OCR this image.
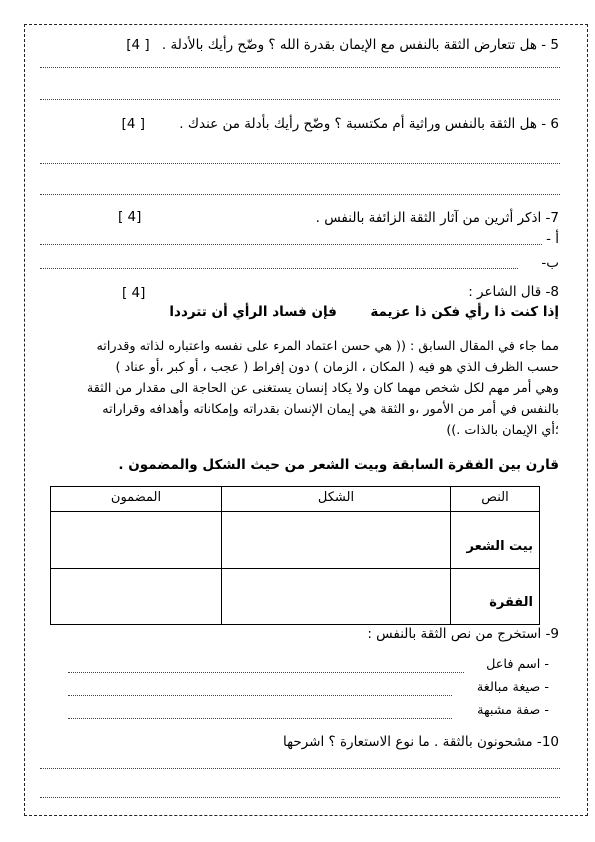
5 - هل تتعارض الثقة بالنفس مع الإيمان بقدرة الله ؟ وضّح رأيك بالأدلة . [ 4]
6 - هل الثقة بالنفس وراثية أم مكتسبة ؟ وضّح رأيك بأدلة من عندك . [ 4]
7- اذكر أثرين من آثار الثقة الزائفة بالنفس .
[ 4]
أ -
ب-
8- قال الشاعر :
[ 4]
إذا كنت ذا رأي فكن ذا عزيمة  فإن فساد الرأي أن تترددا
مما جاء في المقال السابق : (( هي حسن اعتماد المرء على نفسه واعتباره لذاته وقدراته
حسب الظرف الذي هو فيه ( المكان ، الزمان ) دون إفراط ( عجب ، أو كبر ،أو عناد )
وهي أمر مهم لكل شخص مهما كان ولا يكاد إنسان يستغنى عن الحاجة الى مقدار من الثقة
بالنفس في أمر من الأمور ،و الثقة هي إيمان الإنسان بقدراته وإمكاناته وأهدافه وقراراته
؛أي الإيمان بالذات .))
قارن بين الفقرة السابقة وبيت الشعر من حيث الشكل والمضمون .
النص	الشكل	المضمون
بيت الشعر		
الفقرة		
9- استخرج من نص الثقة بالنفس :
- اسم فاعل
- صيغة مبالغة
- صفة مشبهة
10- مشحونون بالثقة . ما نوع الاستعارة ؟ اشرحها
